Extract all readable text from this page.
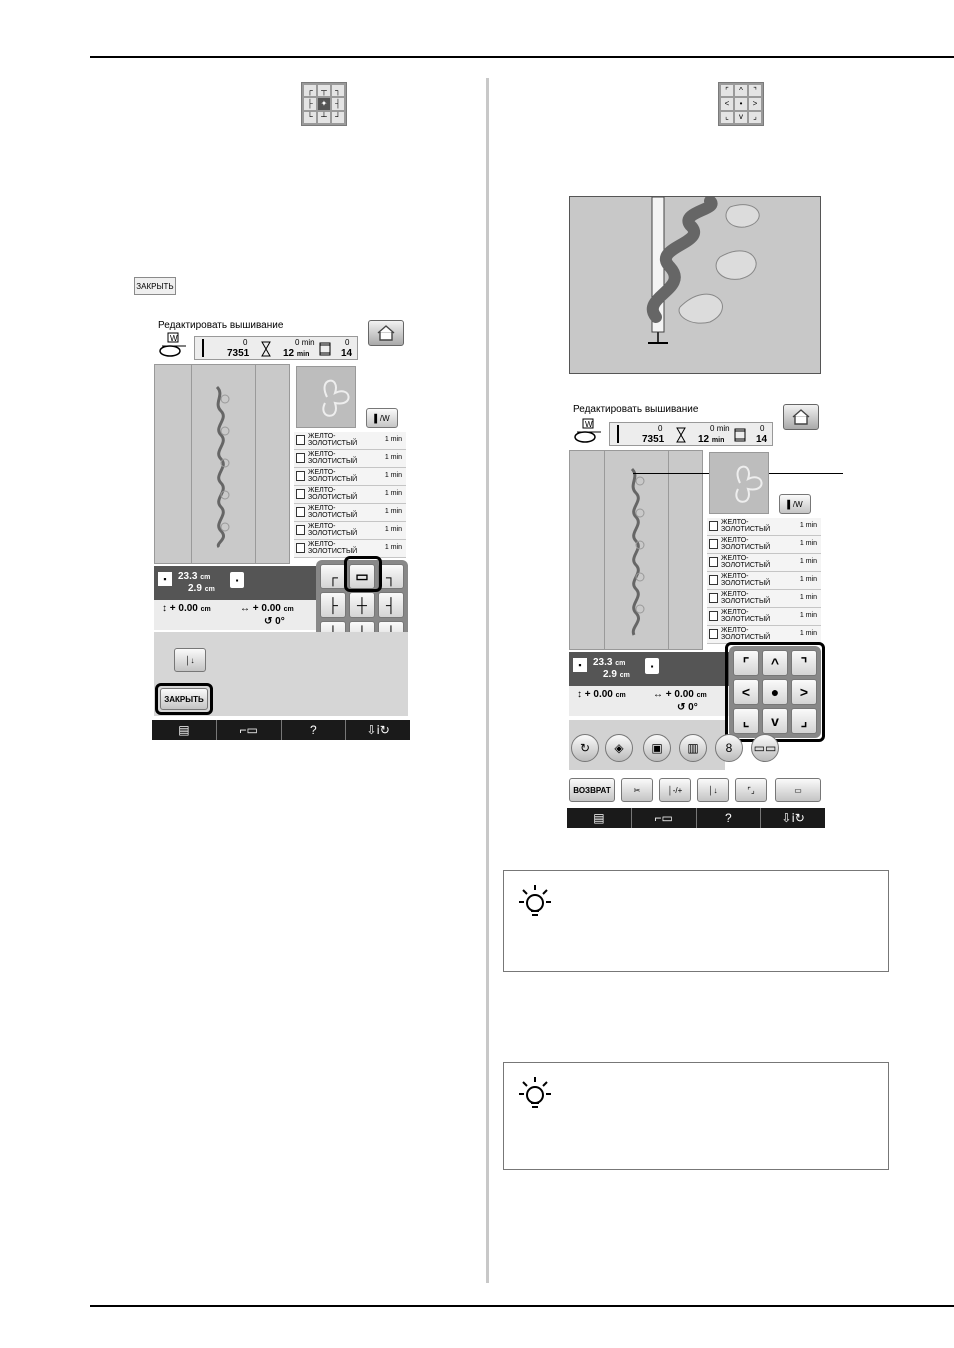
┌	┬	┐
├ ✦ ┤
└	┴	┘
⌜	^	⌝
<	•	>
⌞	v	⌟
ЗАКРЫТЬ
Редактировать вышивание
W	0
7351
0 min
12 min
0
14
▌/W
ЖЕЛТО-ЗОЛОТИСТЫЙ
1 min
ЖЕЛТО-ЗОЛОТИСТЫЙ
1 min
ЖЕЛТО-ЗОЛОТИСТЫЙ
1 min
ЖЕЛТО-ЗОЛОТИСТЫЙ
1 min
ЖЕЛТО-ЗОЛОТИСТЫЙ
1 min
ЖЕЛТО-ЗОЛОТИСТЫЙ
1 min
ЖЕЛТО-ЗОЛОТИСТЫЙ
1 min
▪	23.3 cm
2.9 cm
▪
↕ + 0.00 cm	↔ + 0.00 cm
↺ 0°
┌	▭	┐
├	┼	┤
│↓
ЗАКРЫТЬ
▤	⌐▭	?	⇩ⅰ↻
Редактировать вышивание
W	0
7351
0 min
12 min
0
14
▌/W
ЖЕЛТО-ЗОЛОТИСТЫЙ
1 min
ЖЕЛТО-ЗОЛОТИСТЫЙ
1 min
ЖЕЛТО-ЗОЛОТИСТЫЙ
1 min
ЖЕЛТО-ЗОЛОТИСТЫЙ
1 min
ЖЕЛТО-ЗОЛОТИСТЫЙ
1 min
ЖЕЛТО-ЗОЛОТИСТЫЙ
1 min
ЖЕЛТО-ЗОЛОТИСТЫЙ
1 min
▪	23.3 cm
2.9 cm
▪
↕ + 0.00 cm	↔ + 0.00 cm
↺ 0°
⌜	^	⌝
<	●	>
⌞	v	⌟
↻ ◈ ▣ ▥ 8 ▭▭
ВОЗВРАТ	✂	│-/+	│↓	⌜⌟	▭
▤	⌐▭	?	⇩ⅰ↻
